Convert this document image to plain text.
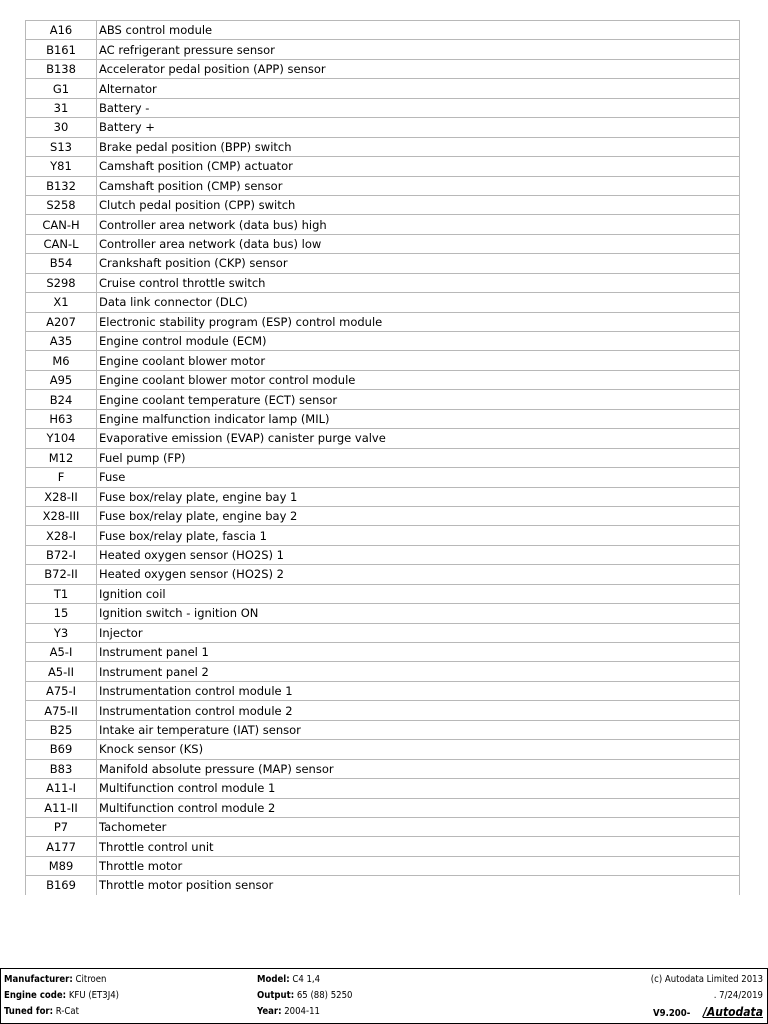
A16	ABS control module
B161	AC refrigerant pressure sensor
B138	Accelerator pedal position (APP) sensor
G1	Alternator
31	Battery -
30	Battery +
S13	Brake pedal position (BPP) switch
Y81	Camshaft position (CMP) actuator
B132	Camshaft position (CMP) sensor
S258	Clutch pedal position (CPP) switch
CAN-H	Controller area network (data bus) high
CAN-L	Controller area network (data bus) low
B54	Crankshaft position (CKP) sensor
S298	Cruise control throttle switch
X1	Data link connector (DLC)
A207	Electronic stability program (ESP) control module
A35	Engine control module (ECM)
M6	Engine coolant blower motor
A95	Engine coolant blower motor control module
B24	Engine coolant temperature (ECT) sensor
H63	Engine malfunction indicator lamp (MIL)
Y104	Evaporative emission (EVAP) canister purge valve
M12	Fuel pump (FP)
F	Fuse
X28-II	Fuse box/relay plate, engine bay 1
X28-III	Fuse box/relay plate, engine bay 2
X28-I	Fuse box/relay plate, fascia 1
B72-I	Heated oxygen sensor (HO2S) 1
B72-II	Heated oxygen sensor (HO2S) 2
T1	Ignition coil
15	Ignition switch - ignition ON
Y3	Injector
A5-I	Instrument panel 1
A5-II	Instrument panel 2
A75-I	Instrumentation control module 1
A75-II	Instrumentation control module 2
B25	Intake air temperature (IAT) sensor
B69	Knock sensor (KS)
B83	Manifold absolute pressure (MAP) sensor
A11-I	Multifunction control module 1
A11-II	Multifunction control module 2
P7	Tachometer
A177	Throttle control unit
M89	Throttle motor
B169	Throttle motor position sensor
Manufacturer: Citroen
Engine code: KFU (ET3J4)
Tuned for: R-Cat
Model: C4 1,4
Output: 65 (88) 5250
Year: 2004-11
(c) Autodata Limited 2013
. 7/24/2019
V9.200- /Autodata
